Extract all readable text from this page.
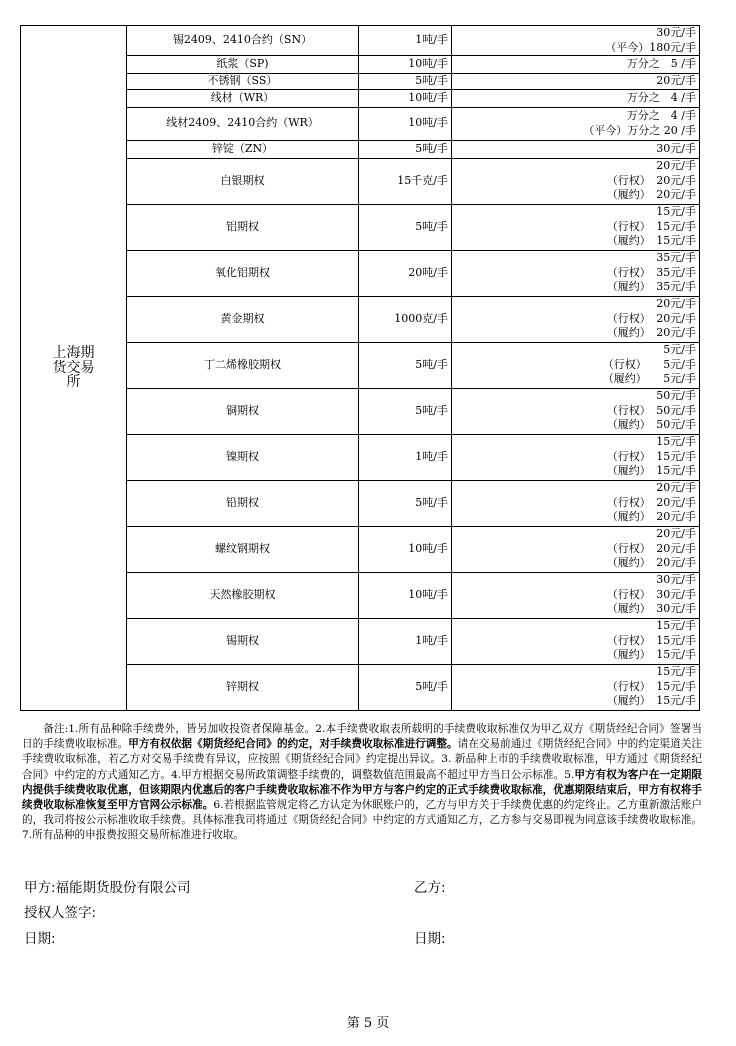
上海期货交易所	锡2409、2410合约（SN）	1吨/手	30元/手
（平今）180元/手

	纸浆（SP)	10吨/手	万分之　5 /手

	不锈钢（SS）	5吨/手	20元/手

	线材（WR）	10吨/手	万分之　4 /手

	线材2409、2410合约（WR）	10吨/手	万分之　4 /手
（平今）万分之 20 /手

	锌锭（ZN）	5吨/手	30元/手

	白银期权	15千克/手	20元/手
（行权）　20元/手
（履约）　20元/手

	铝期权	5吨/手	15元/手
（行权）　15元/手
（履约）　15元/手

	氧化铝期权	20吨/手	35元/手
（行权）　35元/手
（履约）　35元/手

	黄金期权	1000克/手	20元/手
（行权）　20元/手
（履约）　20元/手

	丁二烯橡胶期权	5吨/手	5元/手
（行权）　　5元/手
（履约）　　5元/手

	铜期权	5吨/手	50元/手
（行权）　50元/手
（履约）　50元/手

	镍期权	1吨/手	15元/手
（行权）　15元/手
（履约）　15元/手

	铅期权	5吨/手	20元/手
（行权）　20元/手
（履约）　20元/手

	螺纹钢期权	10吨/手	20元/手
（行权）　20元/手
（履约）　20元/手

	天然橡胶期权	10吨/手	30元/手
（行权）　30元/手
（履约）　30元/手

	锡期权	1吨/手	15元/手
（行权）　15元/手
（履约）　15元/手

	锌期权	5吨/手	15元/手
（行权）　15元/手
（履约）　15元/手
备注:1.所有品种除手续费外，皆另加收投资者保障基金。2.本手续费收取表所载明的手续费收取标准仅为甲乙双方《期货经纪合同》签署当日的手续费收取标准。甲方有权依据《期货经纪合同》的约定，对手续费收取标准进行调整。请在交易前通过《期货经纪合同》中的约定渠道关注手续费收取标准，若乙方对交易手续费有异议，应按照《期货经纪合同》约定提出异议。3. 新品种上市的手续费收取标准，甲方通过《期货经纪合同》中约定的方式通知乙方。4.甲方根据交易所政策调整手续费的，调整数值范围最高不超过甲方当日公示标准。5.甲方有权为客户在一定期限内提供手续费收取优惠，但该期限内优惠后的客户手续费收取标准不作为甲方与客户约定的正式手续费收取标准，优惠期限结束后，甲方有权将手续费收取标准恢复至甲方官网公示标准。6.若根据监管规定将乙方认定为休眠账户的，乙方与甲方关于手续费优惠的约定终止。乙方重新激活账户的，我司将按公示标准收取手续费。具体标准我司将通过《期货经纪合同》中约定的方式通知乙方，乙方参与交易即视为同意该手续费收取标准。7.所有品种的申报费按照交易所标准进行收取。
甲方:福能期货股份有限公司	乙方:
授权人签字:
日期:	日期:
第 5 页
